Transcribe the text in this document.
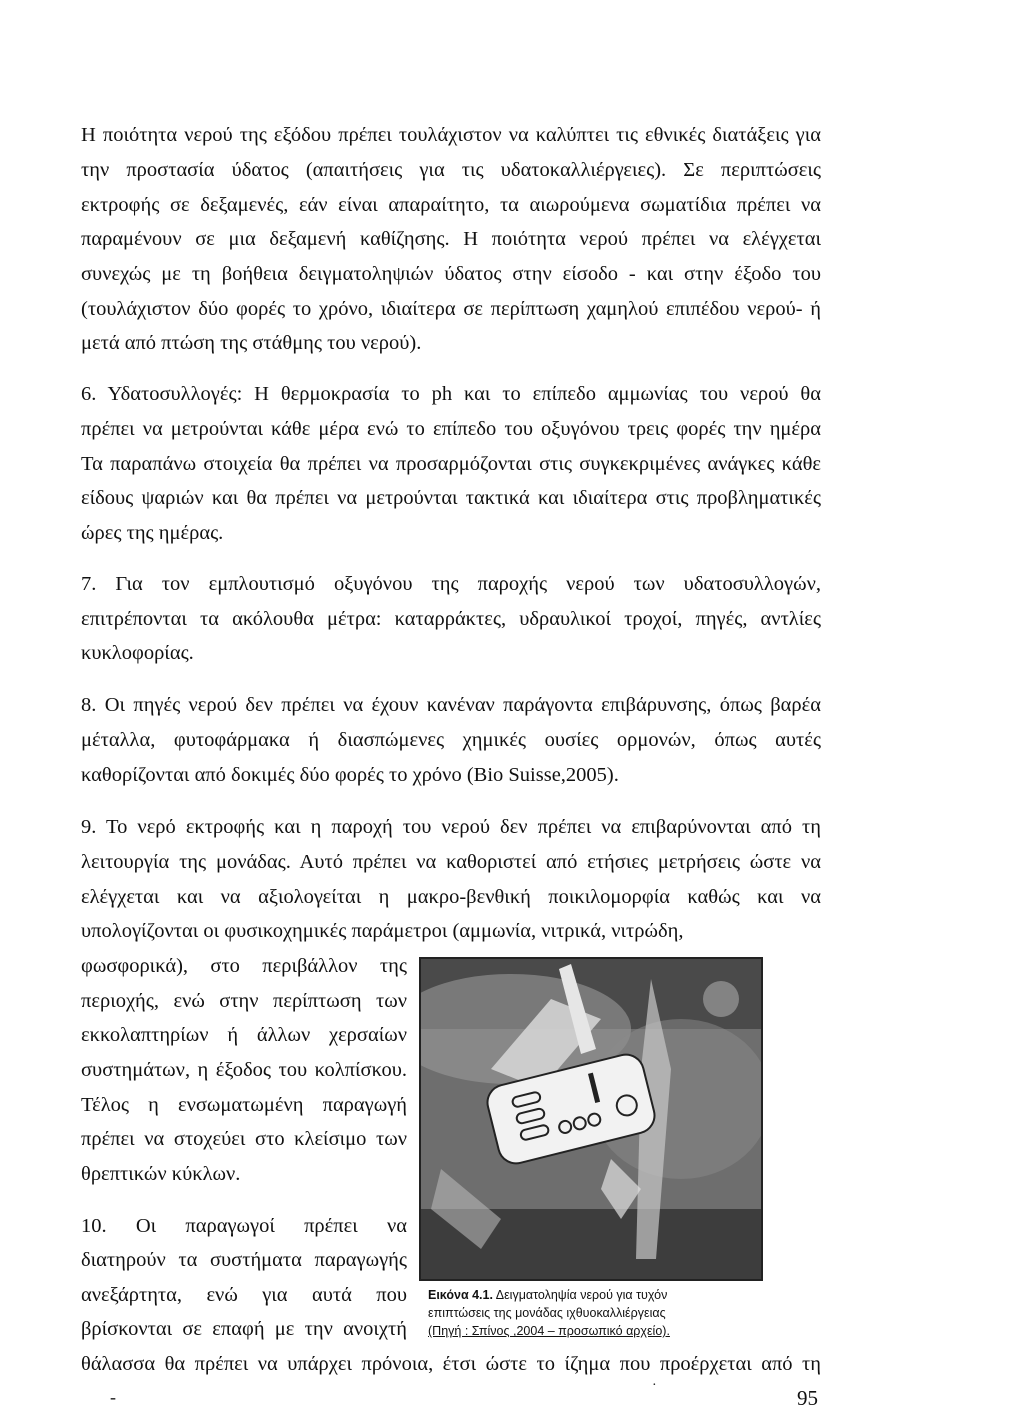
Η ποιότητα νερού της εξόδου πρέπει τουλάχιστον να καλύπτει τις εθνικές διατάξεις για
την προστασία ύδατος (απαιτήσεις για τις υδατοκαλλιέργειες). Σε περιπτώσεις
εκτροφής σε δεξαμενές, εάν είναι απαραίτητο, τα αιωρούμενα σωματίδια πρέπει να
παραμένουν σε μια δεξαμενή καθίζησης. Η ποιότητα νερού πρέπει να ελέγχεται
συνεχώς με τη βοήθεια δειγματοληψιών ύδατος στην είσοδο - και στην έξοδο του
(τουλάχιστον δύο φορές το χρόνο, ιδιαίτερα σε περίπτωση χαμηλού επιπέδου νερού- ή
μετά από πτώση της στάθμης του νερού).
6. Υδατοσυλλογές: Η θερμοκρασία το ph και το επίπεδο αμμωνίας του νερού θα
πρέπει να μετρούνται κάθε μέρα ενώ το επίπεδο του οξυγόνου τρεις φορές την ημέρα
Τα παραπάνω στοιχεία θα πρέπει να προσαρμόζονται στις συγκεκριμένες ανάγκες κάθε
είδους ψαριών και θα πρέπει να μετρούνται τακτικά και ιδιαίτερα στις προβληματικές
ώρες της ημέρας.
7. Για τον εμπλουτισμό οξυγόνου της παροχής νερού των υδατοσυλλογών,
επιτρέπονται τα ακόλουθα μέτρα: καταρράκτες, υδραυλικοί τροχοί, πηγές, αντλίες
κυκλοφορίας.
8. Οι πηγές νερού δεν πρέπει να έχουν κανέναν παράγοντα επιβάρυνσης, όπως βαρέα
μέταλλα, φυτοφάρμακα ή διασπώμενες χημικές ουσίες ορμονών, όπως αυτές
καθορίζονται από δοκιμές δύο φορές το χρόνο (Bio Suisse,2005).
9. Το νερό εκτροφής και η παροχή του νερού δεν πρέπει να επιβαρύνονται από τη
λειτουργία της μονάδας. Αυτό πρέπει να καθοριστεί από ετήσιες μετρήσεις ώστε να
ελέγχεται και να αξιολογείται η μακρο-βενθική ποικιλομορφία καθώς και να
υπολογίζονται οι φυσικοχημικές παράμετροι (αμμωνία, νιτρικά, νιτρώδη,
φωσφορικά), στο περιβάλλον της
περιοχής, ενώ στην περίπτωση των
εκκολαπτηρίων ή άλλων χερσαίων
συστημάτων, η έξοδος του κολπίσκου.
Τέλος η ενσωματωμένη παραγωγή
πρέπει να στοχεύει στο κλείσιμο των
θρεπτικών κύκλων.
10. Οι παραγωγοί πρέπει να
διατηρούν τα συστήματα παραγωγής
ανεξάρτητα, ενώ για αυτά που
βρίσκονται σε επαφή με την ανοιχτή
θάλασσα θα πρέπει να υπάρχει πρόνοια, έτσι ώστε το ίζημα που προέρχεται από τη
Εικόνα 4.1. Δειγματοληψία νερού για τυχόν
επιπτώσεις της μονάδας ιχθυοκαλλιέργειας
(Πηγή : Σπίνος ,2004 – προσωπικό αρχείο).
-
·
95
